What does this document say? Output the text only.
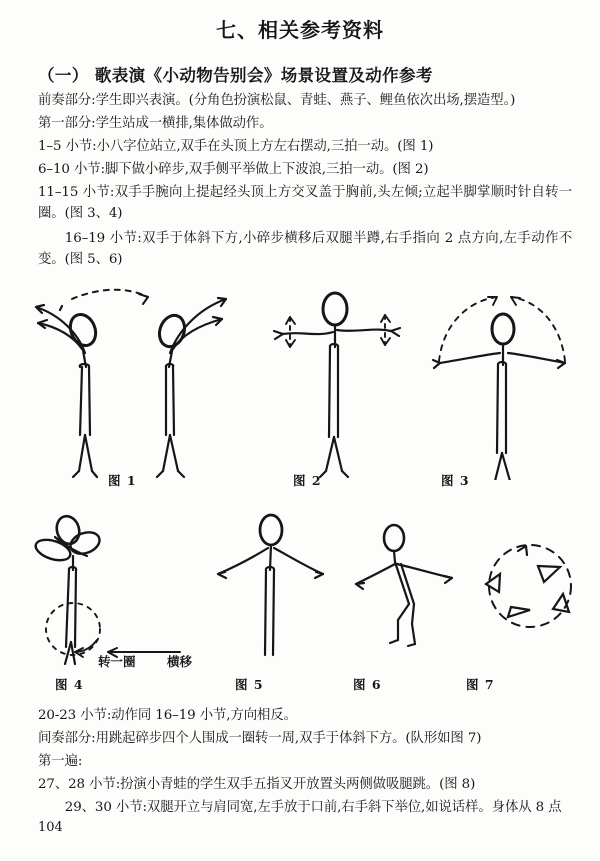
七、相关参考资料
（一） 歌表演《小动物告别会》场景设置及动作参考
前奏部分:学生即兴表演。(分角色扮演松鼠、青蛙、燕子、鲤鱼依次出场,摆造型。)
第一部分:学生站成一横排,集体做动作。
1–5 小节:小八字位站立,双手在头顶上方左右摆动,三拍一动。(图 1)
6–10 小节:脚下做小碎步,双手侧平举做上下波浪,三拍一动。(图 2)
11–15 小节:双手手腕向上提起经头顶上方交叉盖于胸前,头左倾;立起半脚掌顺时针自转一圈。(图 3、4)
16–19 小节:双手于体斜下方,小碎步横移后双腿半蹲,右手指向 2 点方向,左手动作不变。(图 5、6)
图 1	图 2	图 3
转一圈	横移
图 4	图 5	图 6	图 7
20-23 小节:动作同 16–19 小节,方向相反。
间奏部分:用跳起碎步四个人围成一圈转一周,双手于体斜下方。(队形如图 7)
第一遍:
27、28 小节:扮演小青蛙的学生双手五指叉开放置头两侧做吸腿跳。(图 8)
29、30 小节:双腿开立与肩同宽,左手放于口前,右手斜下举位,如说话样。身体从 8 点
104
